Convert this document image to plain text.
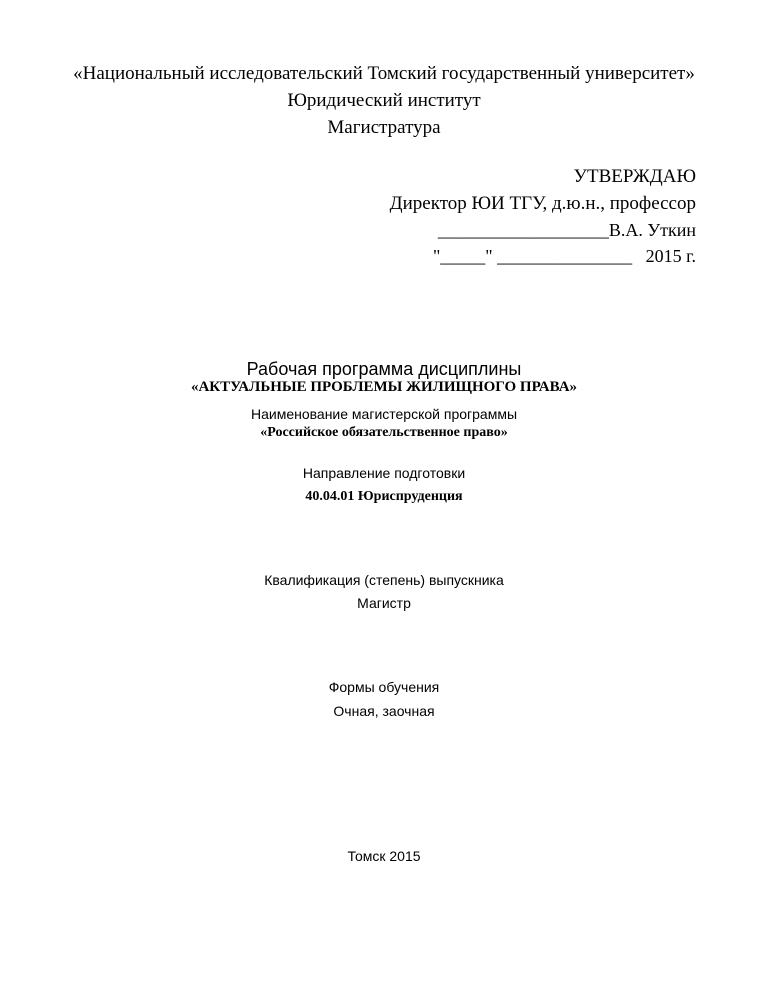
«Национальный исследовательский Томский государственный университет»
Юридический институт
Магистратура
УТВЕРЖДАЮ
Директор ЮИ ТГУ, д.ю.н., профессор
___________________В.А. Уткин
"_____" _______________   2015 г.
Рабочая программа дисциплины
«АКТУАЛЬНЫЕ ПРОБЛЕМЫ ЖИЛИЩНОГО ПРАВА»
Наименование магистерской программы
«Российское обязательственное право»
Направление подготовки
40.04.01 Юриспруденция
Квалификация (степень) выпускника
Магистр
Формы обучения
Очная, заочная
Томск 2015
